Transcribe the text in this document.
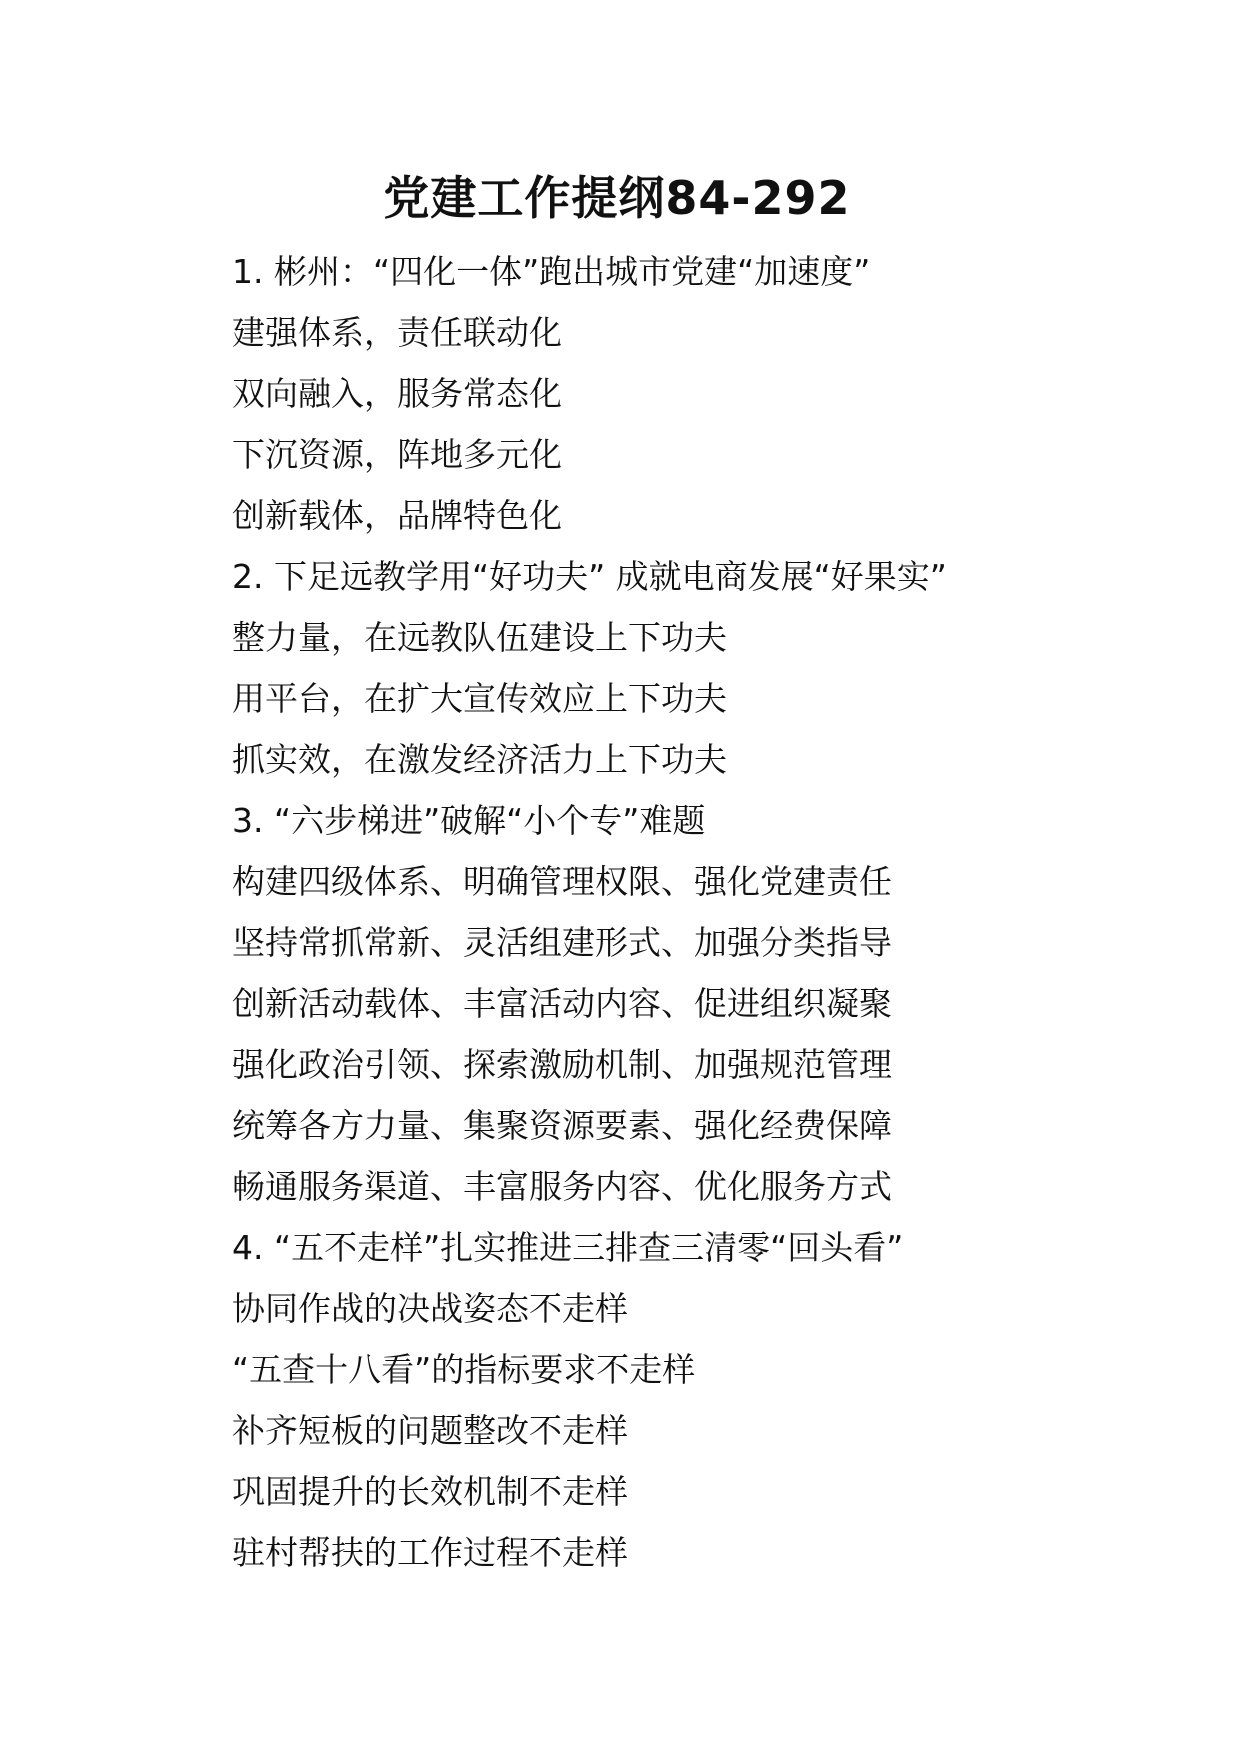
党建工作提纲84-292
1. 彬州：“四化一体”跑出城市党建“加速度”
建强体系，责任联动化
双向融入，服务常态化
下沉资源，阵地多元化
创新载体，品牌特色化
2. 下足远教学用“好功夫” 成就电商发展“好果实”
整力量，在远教队伍建设上下功夫
用平台，在扩大宣传效应上下功夫
抓实效，在激发经济活力上下功夫
3. “六步梯进”破解“小个专”难题
构建四级体系、明确管理权限、强化党建责任
坚持常抓常新、灵活组建形式、加强分类指导
创新活动载体、丰富活动内容、促进组织凝聚
强化政治引领、探索激励机制、加强规范管理
统筹各方力量、集聚资源要素、强化经费保障
畅通服务渠道、丰富服务内容、优化服务方式
4. “五不走样”扎实推进三排查三清零“回头看”
协同作战的决战姿态不走样
“五查十八看”的指标要求不走样
补齐短板的问题整改不走样
巩固提升的长效机制不走样
驻村帮扶的工作过程不走样
